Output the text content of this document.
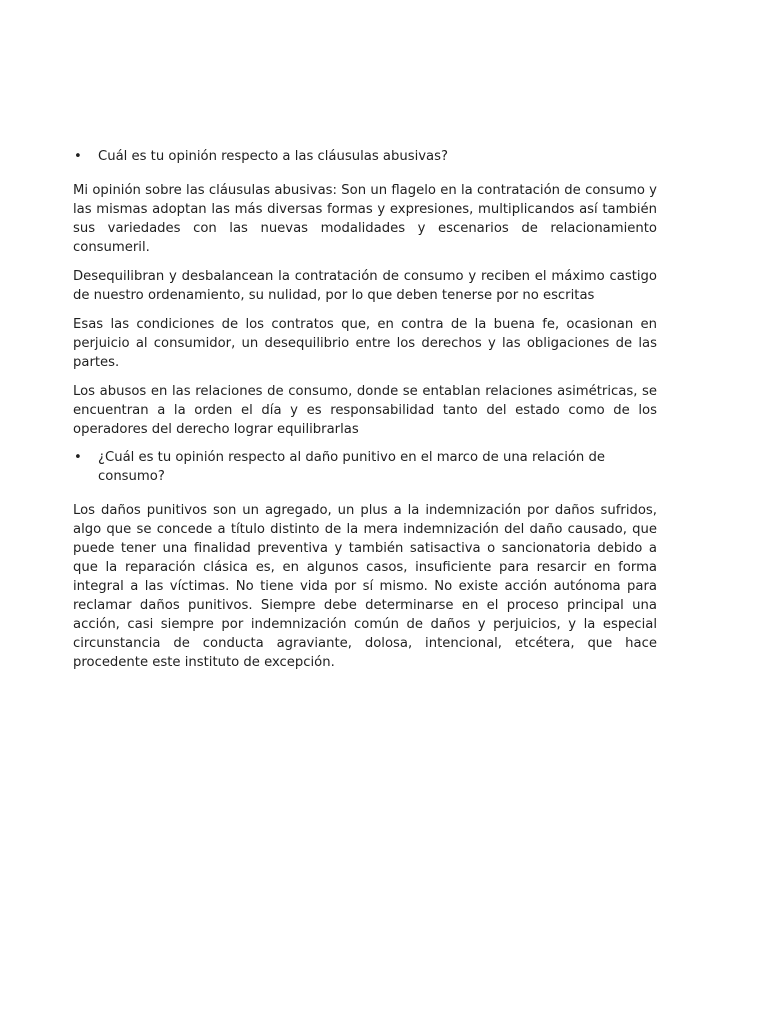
•	Cuál es tu opinión respecto a las cláusulas abusivas?

Mi opinión sobre las cláusulas abusivas: Son un flagelo en la contratación de consumo y las mismas adoptan las más diversas formas y expresiones, multiplicandos así también sus variedades con las nuevas modalidades y escenarios de relacionamiento consumeril.

Desequilibran y desbalancean la contratación de consumo y reciben el máximo castigo de nuestro ordenamiento, su nulidad, por lo que deben tenerse por no escritas

Esas las condiciones de los contratos que, en contra de la buena fe, ocasionan en perjuicio al consumidor, un desequilibrio entre los derechos y las obligaciones de las partes.

Los abusos en las relaciones de consumo, donde se entablan relaciones asimétricas, se encuentran a la orden el día y es responsabilidad tanto del estado como de los operadores del derecho lograr equilibrarlas

•	¿Cuál es tu opinión respecto al daño punitivo en el marco de una relación de consumo?

Los daños punitivos son un agregado, un plus a la indemnización por daños sufridos, algo que se concede a título distinto de la mera indemnización del daño causado, que puede tener una finalidad preventiva y también satisactiva o sancionatoria debido a que la reparación clásica es, en algunos casos, insuficiente para resarcir en forma integral a las víctimas. No tiene vida por sí mismo. No existe acción autónoma para reclamar daños punitivos. Siempre debe determinarse en el proceso principal una acción, casi siempre por indemnización común de daños y perjuicios, y la especial circunstancia de conducta agraviante, dolosa, intencional, etcétera, que hace procedente este instituto de excepción.
